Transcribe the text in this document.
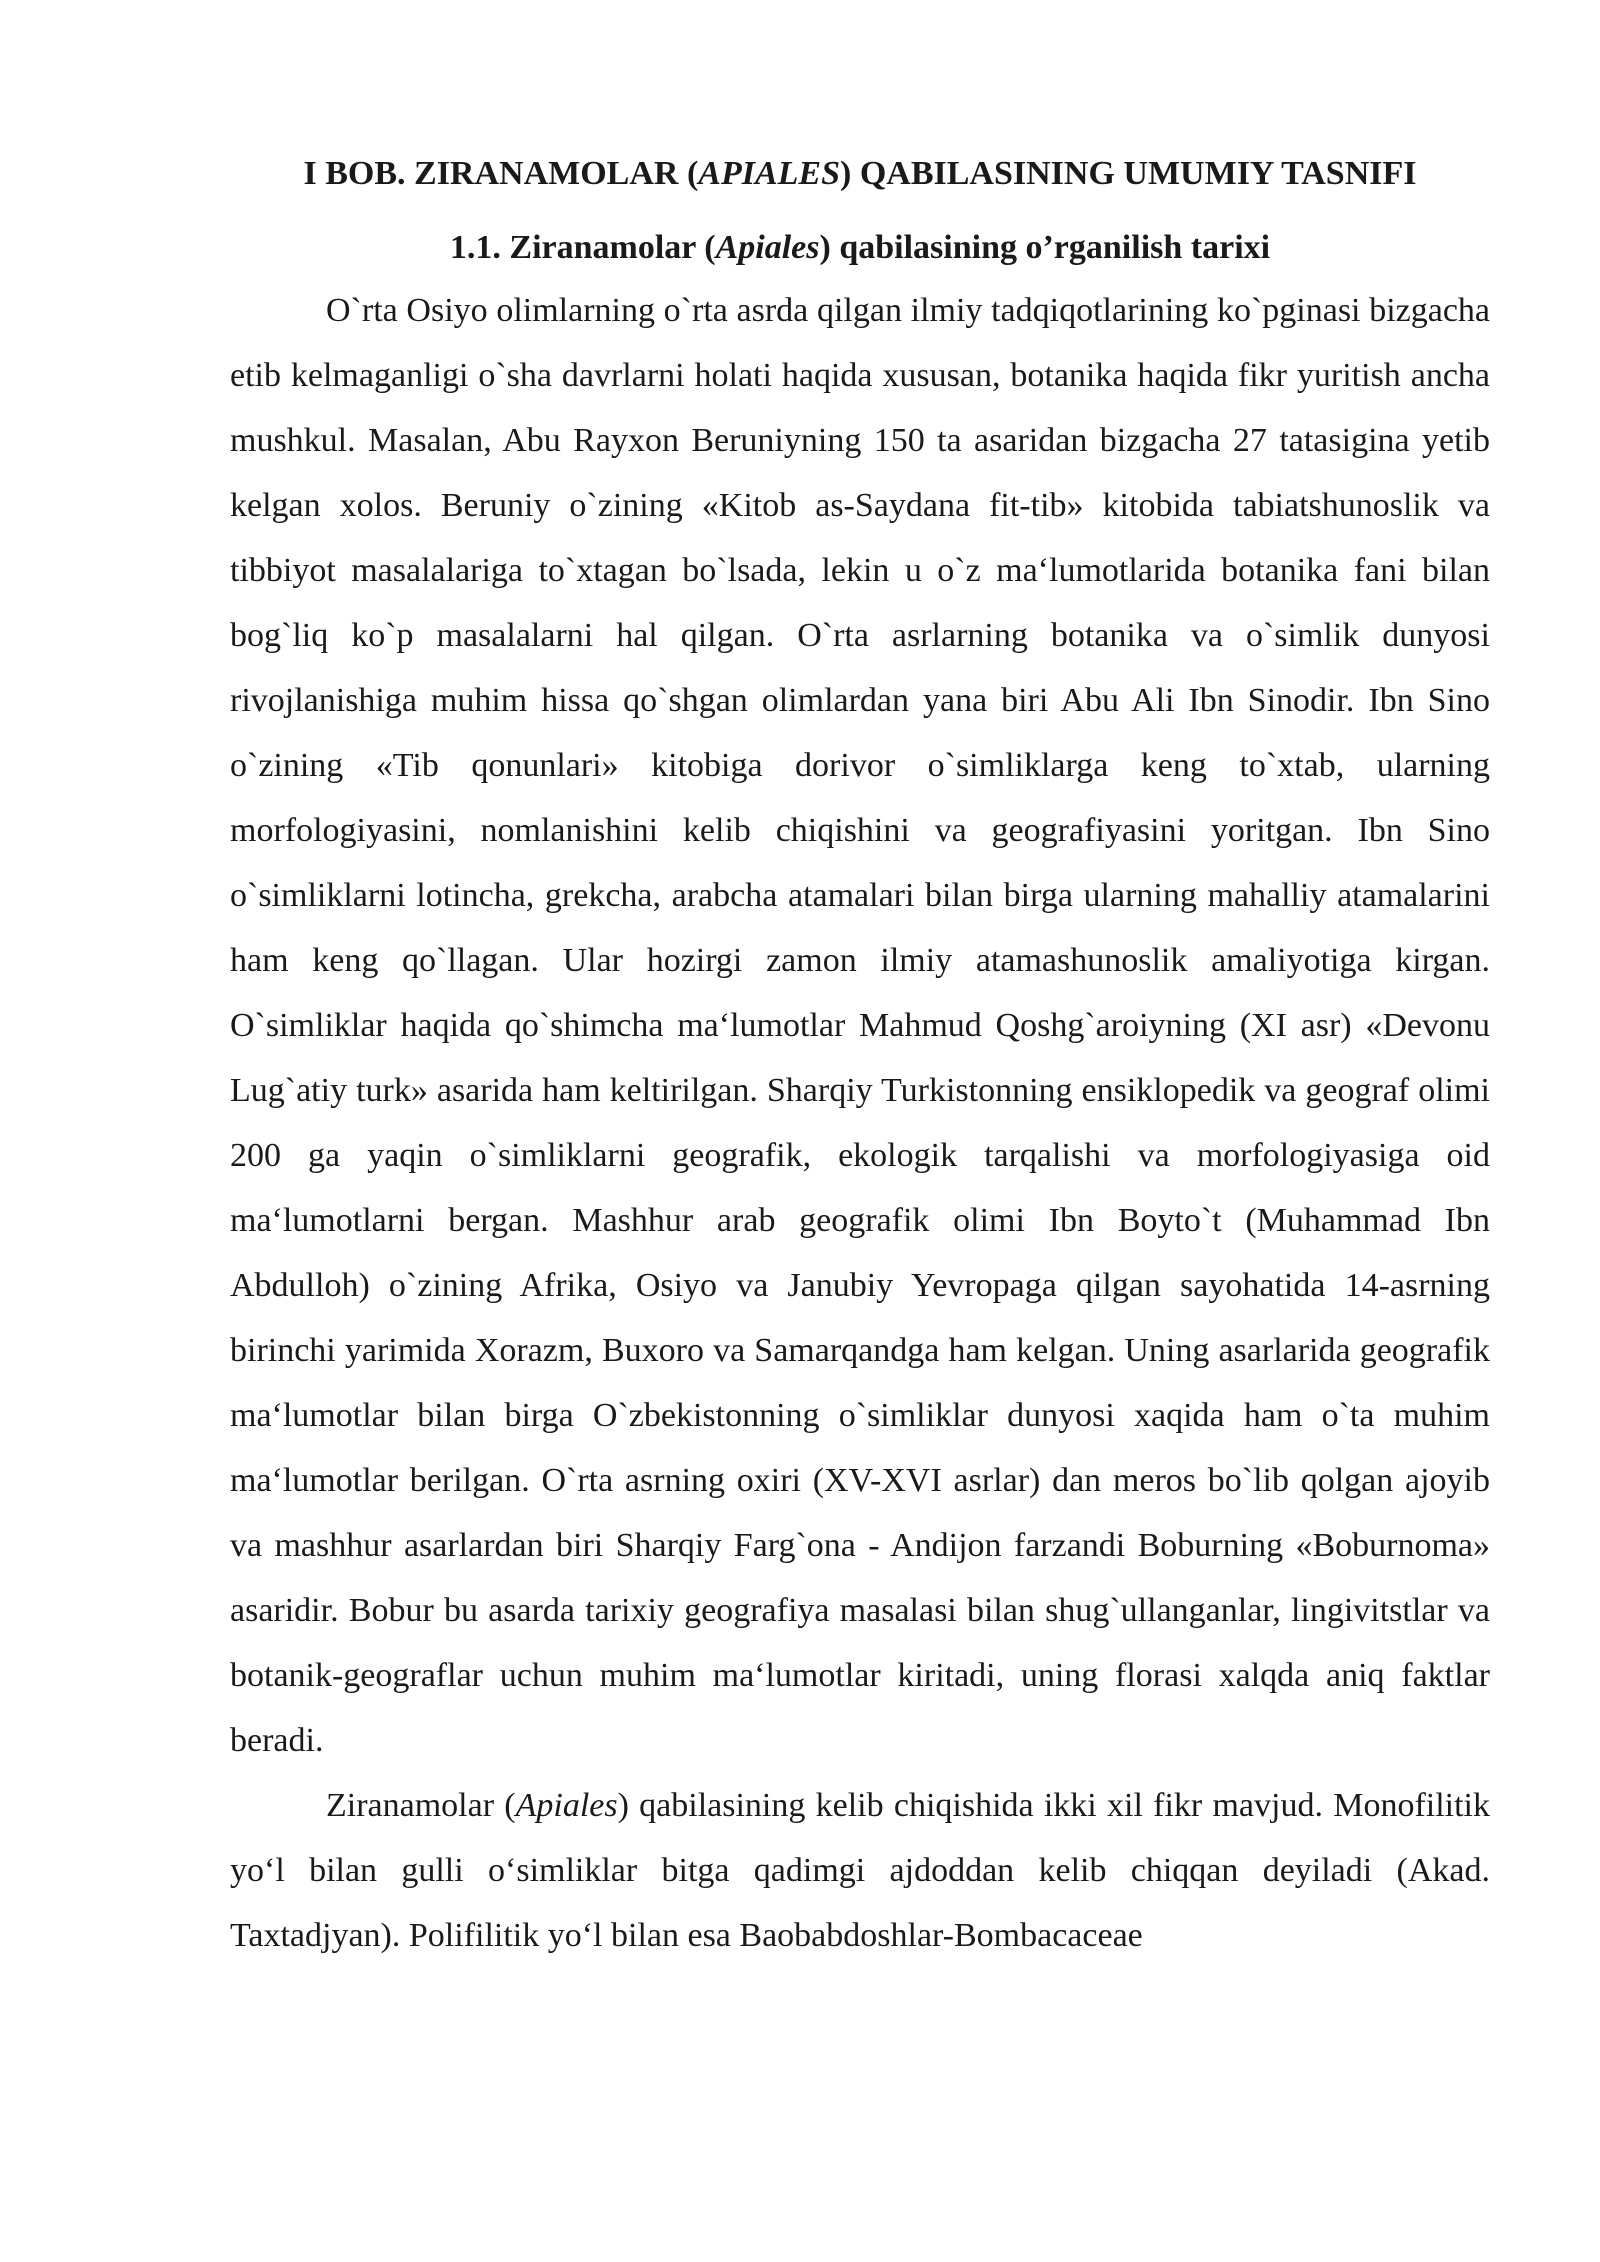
I BOB. ZIRANAMOLAR (APIALES) QABILASINING UMUMIY TASNIFI
1.1. Ziranamolar (Apiales) qabilasining o’rganilish tarixi

O`rta Osiyo olimlarning o`rta asrda qilgan ilmiy tadqiqotlarining ko`pginasi bizgacha etib kelmaganligi o`sha davrlarni holati haqida xususan, botanika haqida fikr yuritish ancha mushkul. Masalan, Abu Rayxon Beruniyning 150 ta asaridan bizgacha 27 tatasigina yetib kelgan xolos. Beruniy o`zining «Kitob as-Saydana fit-tib» kitobida tabiatshunoslik va tibbiyot masalalariga to`xtagan bo`lsada, lekin u o`z ma‘lumotlarida botanika fani bilan bog`liq ko`p masalalarni hal qilgan. O`rta asrlarning botanika va o`simlik dunyosi rivojlanishiga muhim hissa qo`shgan olimlardan yana biri Abu Ali Ibn Sinodir. Ibn Sino o`zining «Tib qonunlari» kitobiga dorivor o`simliklarga keng to`xtab, ularning morfologiyasini, nomlanishini kelib chiqishini va geografiyasini yoritgan. Ibn Sino o`simliklarni lotincha, grekcha, arabcha atamalari bilan birga ularning mahalliy atamalarini ham keng qo`llagan. Ular hozirgi zamon ilmiy atamashunoslik amaliyotiga kirgan. O`simliklar haqida qo`shimcha ma‘lumotlar Mahmud Qoshg`aroiyning (XI asr) «Devonu Lug`atiy turk» asarida ham keltirilgan. Sharqiy Turkistonning ensiklopedik va geograf olimi 200 ga yaqin o`simliklarni geografik, ekologik tarqalishi va morfologiyasiga oid ma‘lumotlarni bergan. Mashhur arab geografik olimi Ibn Boyto`t (Muhammad Ibn Abdulloh) o`zining Afrika, Osiyo va Janubiy Yevropaga qilgan sayohatida 14-asrning birinchi yarimida Xorazm, Buxoro va Samarqandga ham kelgan. Uning asarlarida geografik ma‘lumotlar bilan birga O`zbekistonning o`simliklar dunyosi xaqida ham o`ta muhim ma‘lumotlar berilgan. O`rta asrning oxiri (XV-XVI asrlar) dan meros bo`lib qolgan ajoyib va mashhur asarlardan biri Sharqiy Farg`ona - Andijon farzandi Boburning «Boburnoma» asaridir. Bobur bu asarda tarixiy geografiya masalasi bilan shug`ullanganlar, lingivitstlar va botanik-geograflar uchun muhim ma‘lumotlar kiritadi, uning florasi xalqda aniq faktlar beradi.

Ziranamolar (Apiales) qabilasining kelib chiqishida ikki xil fikr mavjud. Monofilitik yo‘l bilan gulli o‘simliklar bitga qadimgi ajdoddan kelib chiqqan deyiladi (Akad. Taxtadjyan). Polifilitik yo‘l bilan esa Baobabdoshlar-Bombacaceae
